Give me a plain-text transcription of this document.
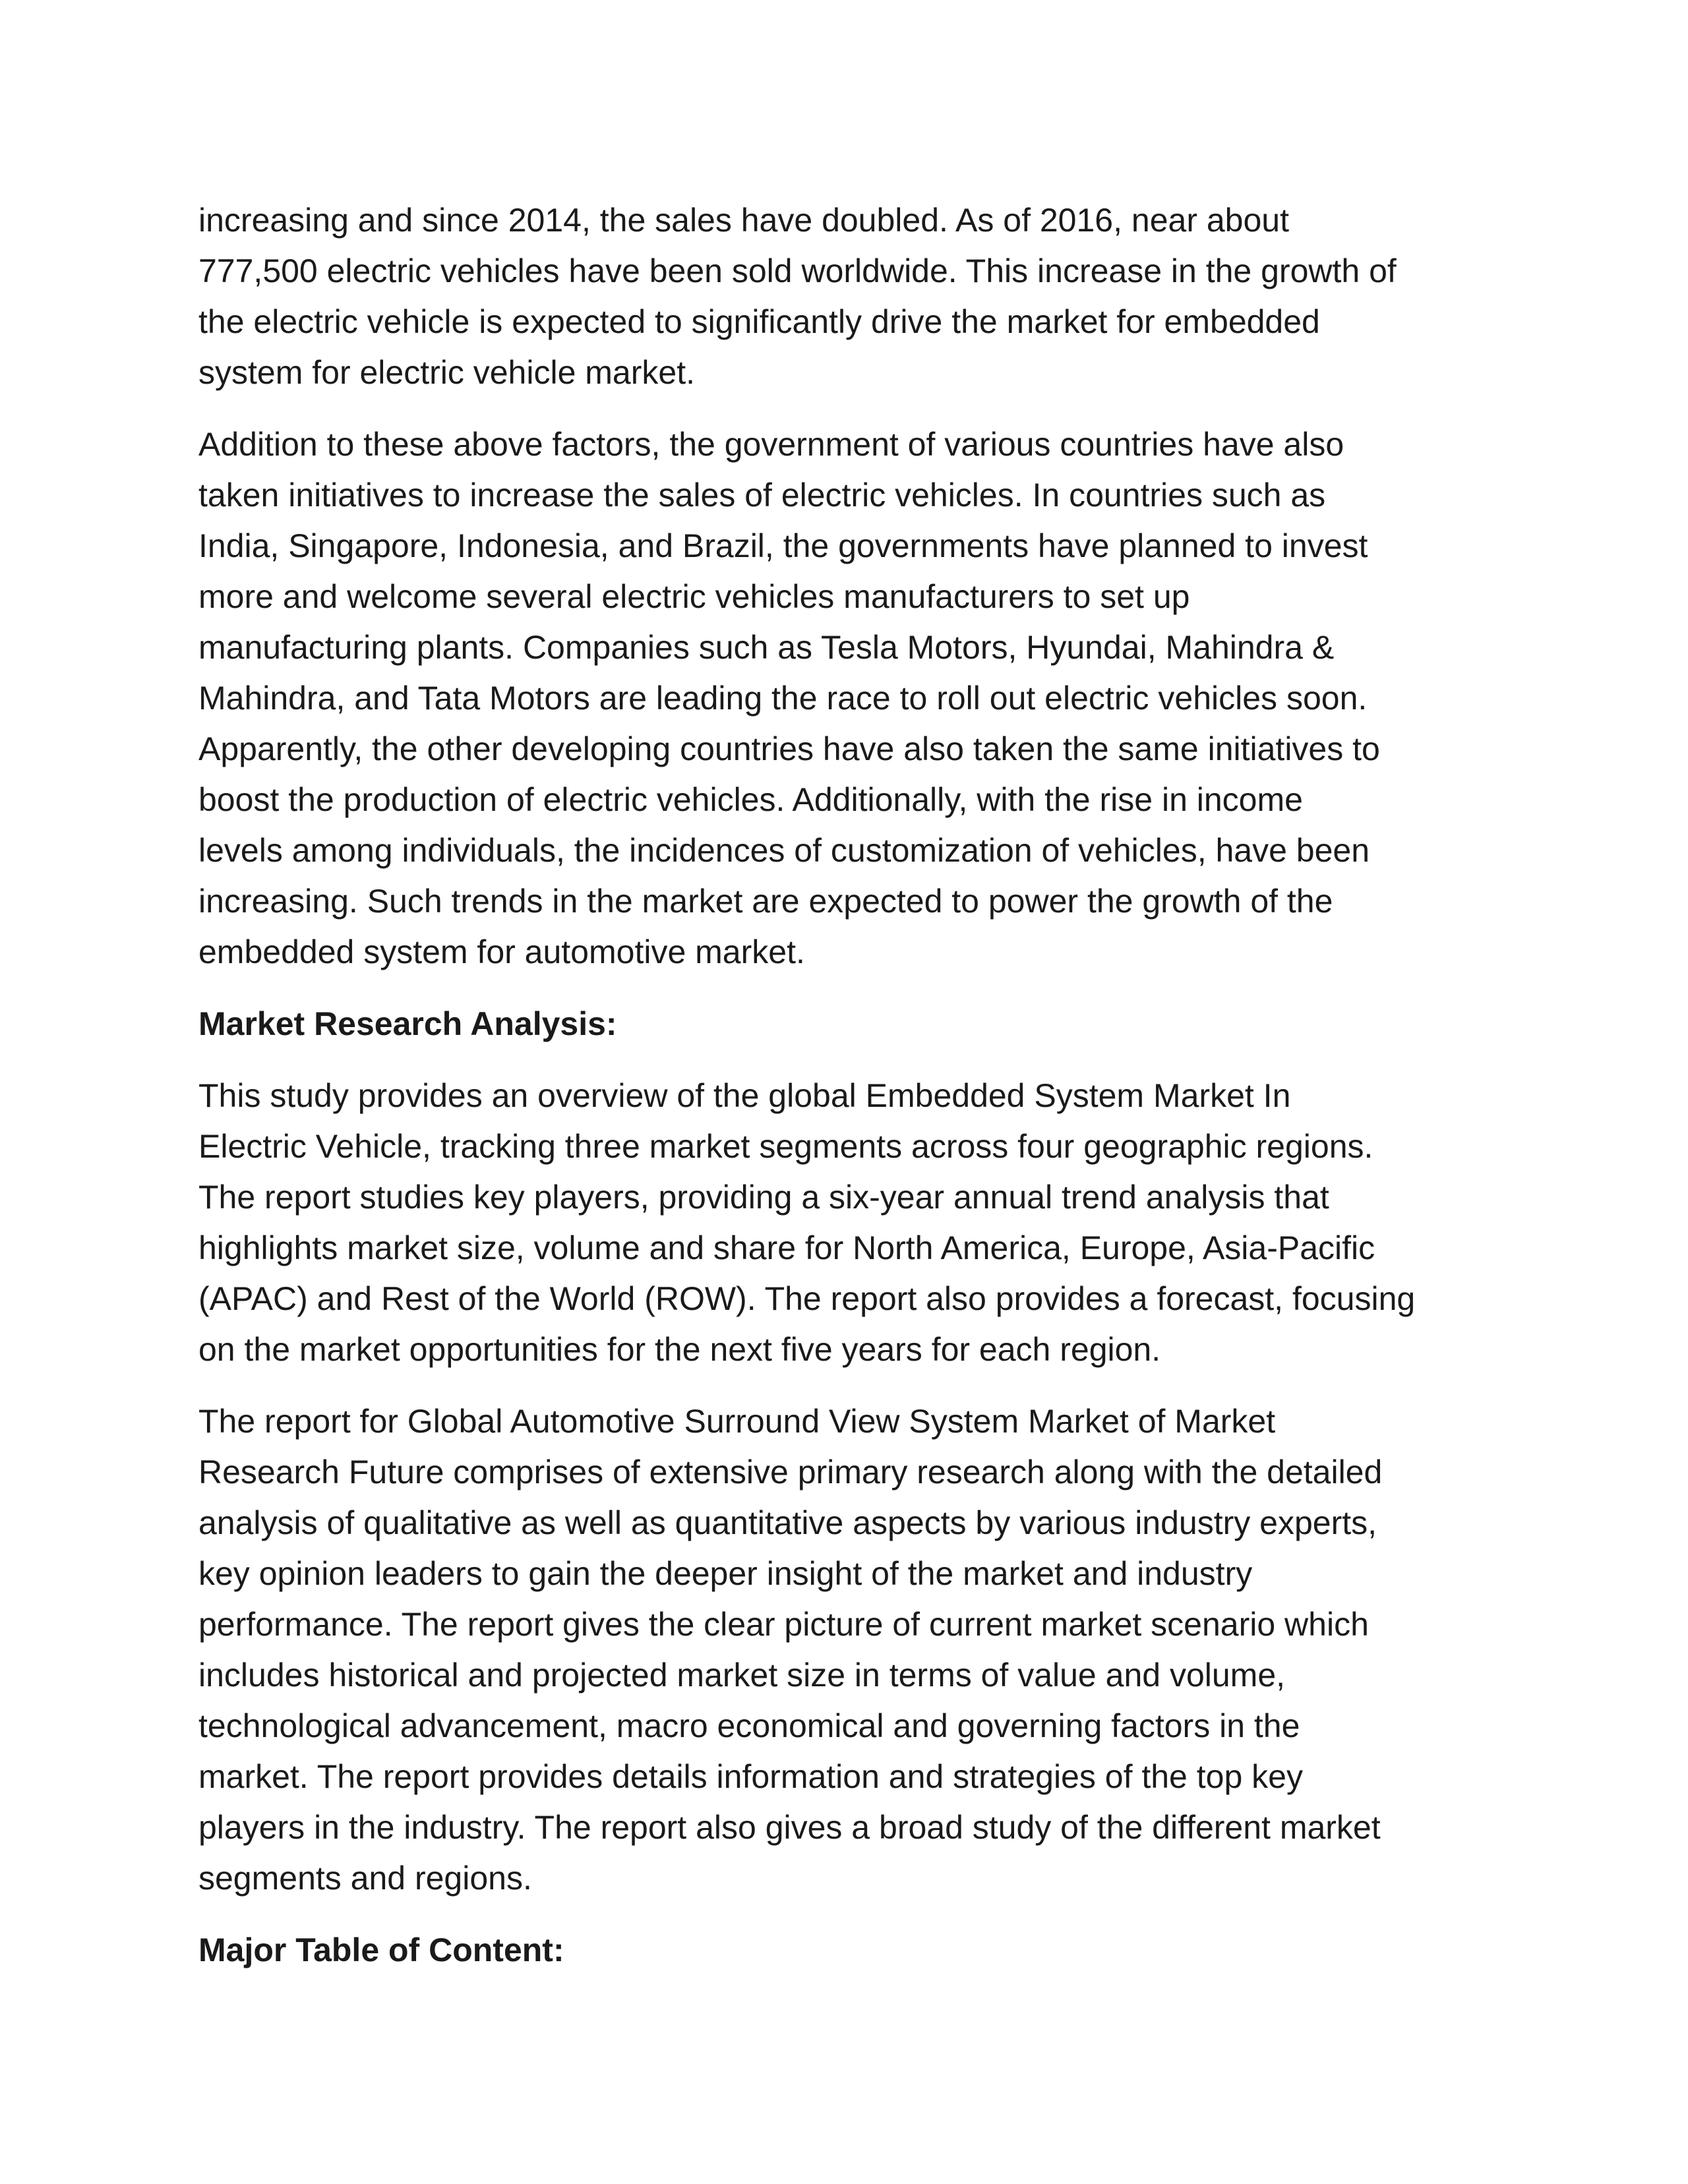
increasing and since 2014, the sales have doubled. As of 2016, near about
777,500 electric vehicles have been sold worldwide. This increase in the growth of
the electric vehicle is expected to significantly drive the market for embedded
system for electric vehicle market.

Addition to these above factors, the government of various countries have also
taken initiatives to increase the sales of electric vehicles. In countries such as
India, Singapore, Indonesia, and Brazil, the governments have planned to invest
more and welcome several electric vehicles manufacturers to set up
manufacturing plants. Companies such as Tesla Motors, Hyundai, Mahindra &
Mahindra, and Tata Motors are leading the race to roll out electric vehicles soon.
Apparently, the other developing countries have also taken the same initiatives to
boost the production of electric vehicles. Additionally, with the rise in income
levels among individuals, the incidences of customization of vehicles, have been
increasing. Such trends in the market are expected to power the growth of the
embedded system for automotive market.

Market Research Analysis:

This study provides an overview of the global Embedded System Market In
Electric Vehicle, tracking three market segments across four geographic regions.
The report studies key players, providing a six-year annual trend analysis that
highlights market size, volume and share for North America, Europe, Asia-Pacific
(APAC) and Rest of the World (ROW). The report also provides a forecast, focusing
on the market opportunities for the next five years for each region.

The report for Global Automotive Surround View System Market of Market
Research Future comprises of extensive primary research along with the detailed
analysis of qualitative as well as quantitative aspects by various industry experts,
key opinion leaders to gain the deeper insight of the market and industry
performance. The report gives the clear picture of current market scenario which
includes historical and projected market size in terms of value and volume,
technological advancement, macro economical and governing factors in the
market. The report provides details information and strategies of the top key
players in the industry. The report also gives a broad study of the different market
segments and regions.

Major Table of Content:
